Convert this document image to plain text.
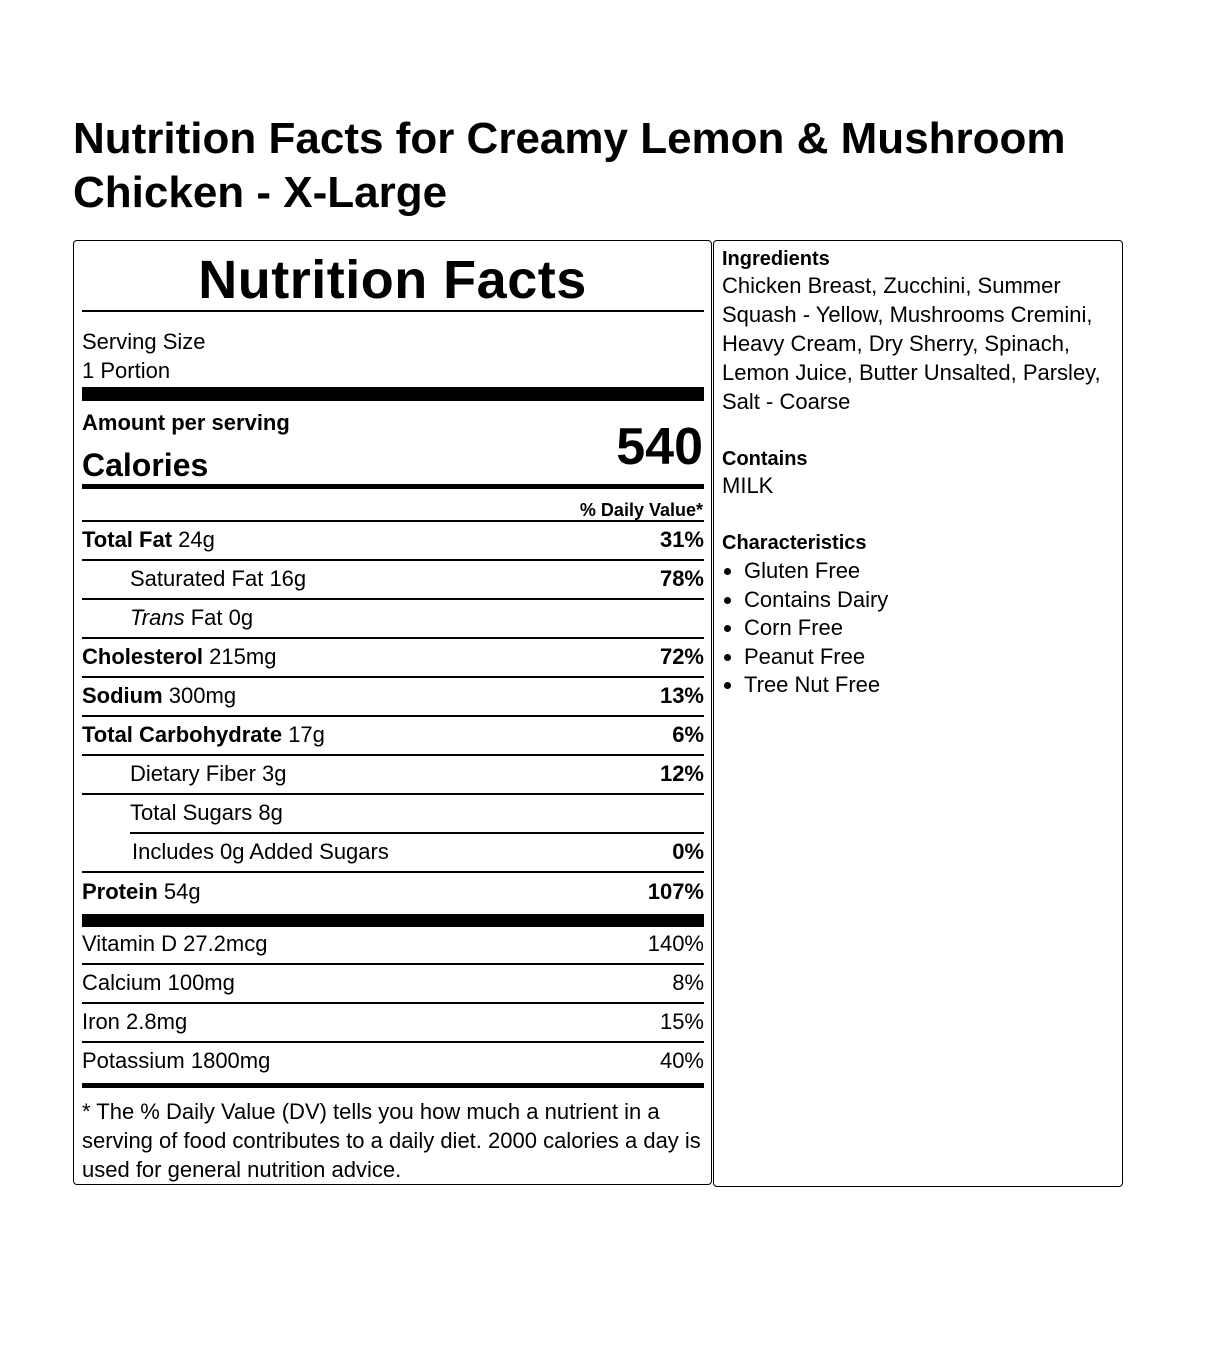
Nutrition Facts for Creamy Lemon & Mushroom Chicken - X-Large
Nutrition Facts
Serving Size
1 Portion
Amount per serving
Calories	540
% Daily Value*
Total Fat 24g	31%
Saturated Fat 16g	78%
Trans Fat 0g
Cholesterol 215mg	72%
Sodium 300mg	13%
Total Carbohydrate 17g	6%
Dietary Fiber 3g	12%
Total Sugars 8g
Includes 0g Added Sugars	0%
Protein 54g	107%
Vitamin D 27.2mcg	140%
Calcium 100mg	8%
Iron 2.8mg	15%
Potassium 1800mg	40%
* The % Daily Value (DV) tells you how much a nutrient in a serving of food contributes to a daily diet. 2000 calories a day is used for general nutrition advice.
Ingredients
Chicken Breast, Zucchini, Summer Squash - Yellow, Mushrooms Cremini, Heavy Cream, Dry Sherry, Spinach, Lemon Juice, Butter Unsalted, Parsley, Salt - Coarse
Contains
MILK
Characteristics
• Gluten Free
• Contains Dairy
• Corn Free
• Peanut Free
• Tree Nut Free
